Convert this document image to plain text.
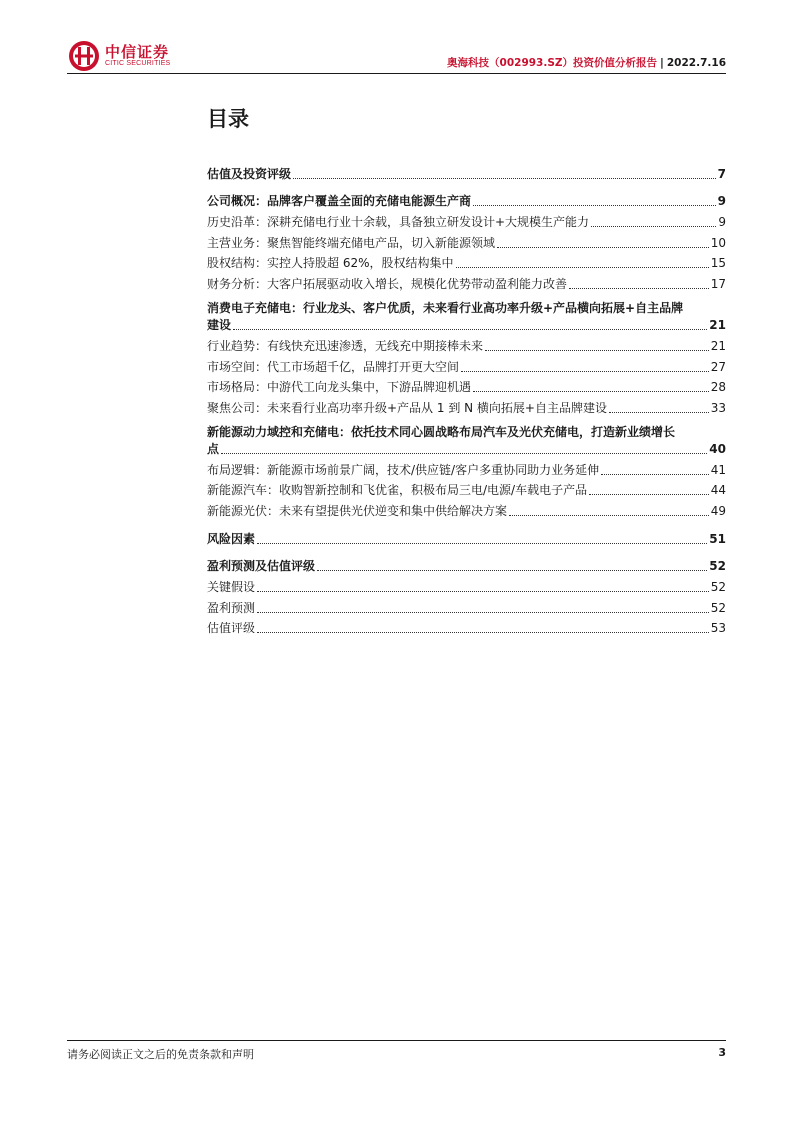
中信证券
CITIC SECURITIES	奥海科技（002993.SZ）投资价值分析报告 | 2022.7.16
目录
估值及投资评级	7
公司概况：品牌客户覆盖全面的充储电能源生产商	9
历史沿革：深耕充储电行业十余载，具备独立研发设计+大规模生产能力	9
主营业务：聚焦智能终端充储电产品，切入新能源领域	10
股权结构：实控人持股超 62%，股权结构集中	15
财务分析：大客户拓展驱动收入增长，规模化优势带动盈利能力改善	17
消费电子充储电：行业龙头、客户优质，未来看行业高功率升级+产品横向拓展+自主品牌
建设	21
行业趋势：有线快充迅速渗透，无线充中期接棒未来	21
市场空间：代工市场超千亿，品牌打开更大空间	27
市场格局：中游代工向龙头集中，下游品牌迎机遇	28
聚焦公司：未来看行业高功率升级+产品从 1 到 N 横向拓展+自主品牌建设	33
新能源动力域控和充储电：依托技术同心圆战略布局汽车及光伏充储电，打造新业绩增长
点	40
布局逻辑：新能源市场前景广阔，技术/供应链/客户多重协同助力业务延伸	41
新能源汽车：收购智新控制和飞优雀，积极布局三电/电源/车载电子产品	44
新能源光伏：未来有望提供光伏逆变和集中供给解决方案	49
风险因素	51
盈利预测及估值评级	52
关键假设	52
盈利预测	52
估值评级	53
请务必阅读正文之后的免责条款和声明	3
